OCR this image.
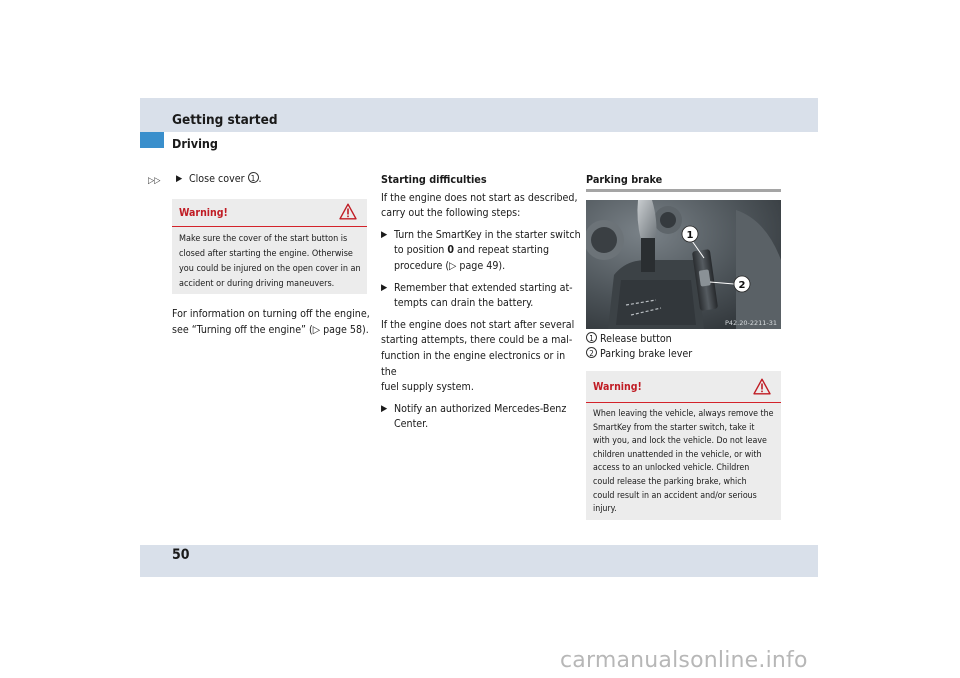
Getting started
Driving
▷▷ ▶ Close cover 1 .
Warning!
Make sure the cover of the start button is
closed after starting the engine. Otherwise
you could be injured on the open cover in an
accident or during driving maneuvers.
For information on turning off the engine,
see “Turning off the engine” (▷ page 58).
Starting difficulties
If the engine does not start as described,
carry out the following steps:
▶ Turn the SmartKey in the starter switch
to position 0 and repeat starting
procedure (▷ page 49).
▶ Remember that extended starting at-
tempts can drain the battery.
If the engine does not start after several
starting attempts, there could be a mal-
function in the engine electronics or in the
fuel supply system.
▶ Notify an authorized Mercedes-Benz
Center.
Parking brake
1
2
P42.20-2211-31
1 Release button
2 Parking brake lever
Warning!
When leaving the vehicle, always remove the
SmartKey from the starter switch, take it
with you, and lock the vehicle. Do not leave
children unattended in the vehicle, or with
access to an unlocked vehicle. Children
could release the parking brake, which
could result in an accident and/or serious
injury.
50
carmanualsonline.info
